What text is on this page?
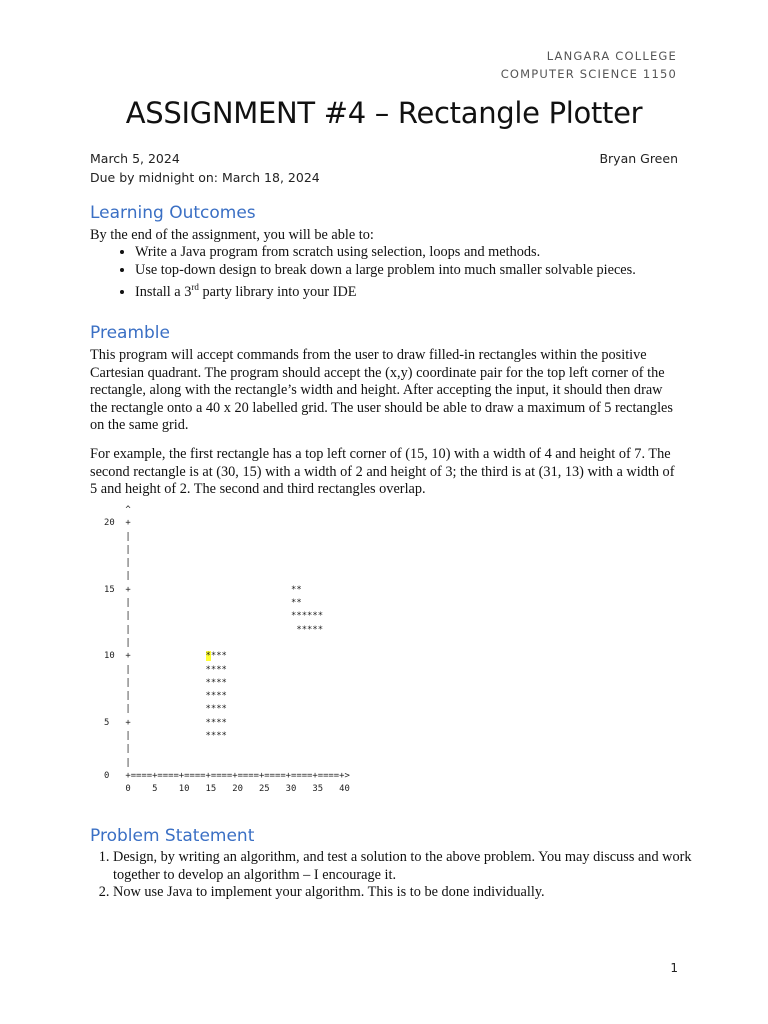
LANGARA COLLEGE
COMPUTER SCIENCE 1150
ASSIGNMENT #4 – Rectangle Plotter
March 5, 2024	Bryan Green
Due by midnight on: March 18, 2024
Learning Outcomes

By the end of the assignment, you will be able to:

• Write a Java program from scratch using selection, loops and methods.
• Use top-down design to break down a large problem into much smaller solvable pieces.
• Install a 3rd party library into your IDE
Preamble

This program will accept commands from the user to draw filled-in rectangles within the positive Cartesian quadrant. The program should accept the (x,y) coordinate pair for the top left corner of the rectangle, along with the rectangle’s width and height. After accepting the input, it should then draw the rectangle onto a 40 x 20 labelled grid. The user should be able to draw a maximum of 5 rectangles on the same grid.

For example, the first rectangle has a top left corner of (15, 10) with a width of 4 and height of 7. The second rectangle is at (30, 15) with a width of 2 and height of 3; the third is at (31, 13) with a width of 5 and height of 2. The second and third rectangles overlap.

^
20  +
|
|
|
|
15  +                              **
|                              **
|                              ******
|                               *****
|
10  +              ****
|              ****
|              ****
|              ****
|              ****
5   +              ****
|              ****
|
|
0   +====+====+====+====+====+====+====+====+>
0    5    10   15   20   25   30   35   40
Problem Statement
1. Design, by writing an algorithm, and test a solution to the above problem. You may discuss and work together to develop an algorithm – I encourage it.
2. Now use Java to implement your algorithm. This is to be done individually.
1
